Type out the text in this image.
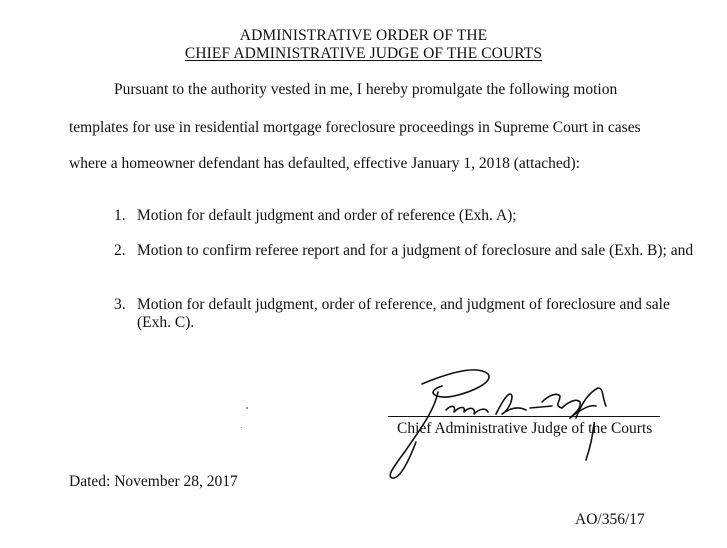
ADMINISTRATIVE ORDER OF THE
CHIEF ADMINISTRATIVE JUDGE OF THE COURTS
Pursuant to the authority vested in me, I hereby promulgate the following motion
templates for use in residential mortgage foreclosure proceedings in Supreme Court in cases
where a homeowner defendant has defaulted, effective January 1, 2018 (attached):
1. Motion for default judgment and order of reference (Exh. A);
2. Motion to confirm referee report and for a judgment of foreclosure and sale (Exh. B); and
3. Motion for default judgment, order of reference, and judgment of foreclosure and sale (Exh. C).
Chief Administrative Judge of the Courts
Dated: November 28, 2017
AO/356/17
